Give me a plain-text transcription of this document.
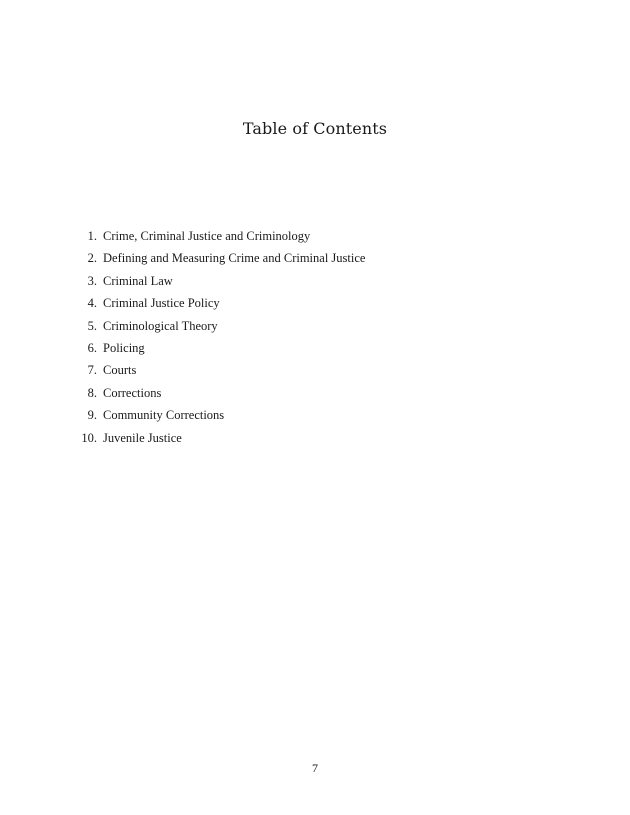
Table of Contents
1. Crime, Criminal Justice and Criminology
2. Defining and Measuring Crime and Criminal Justice
3. Criminal Law
4. Criminal Justice Policy
5. Criminological Theory
6. Policing
7. Courts
8. Corrections
9. Community Corrections
10. Juvenile Justice
7
